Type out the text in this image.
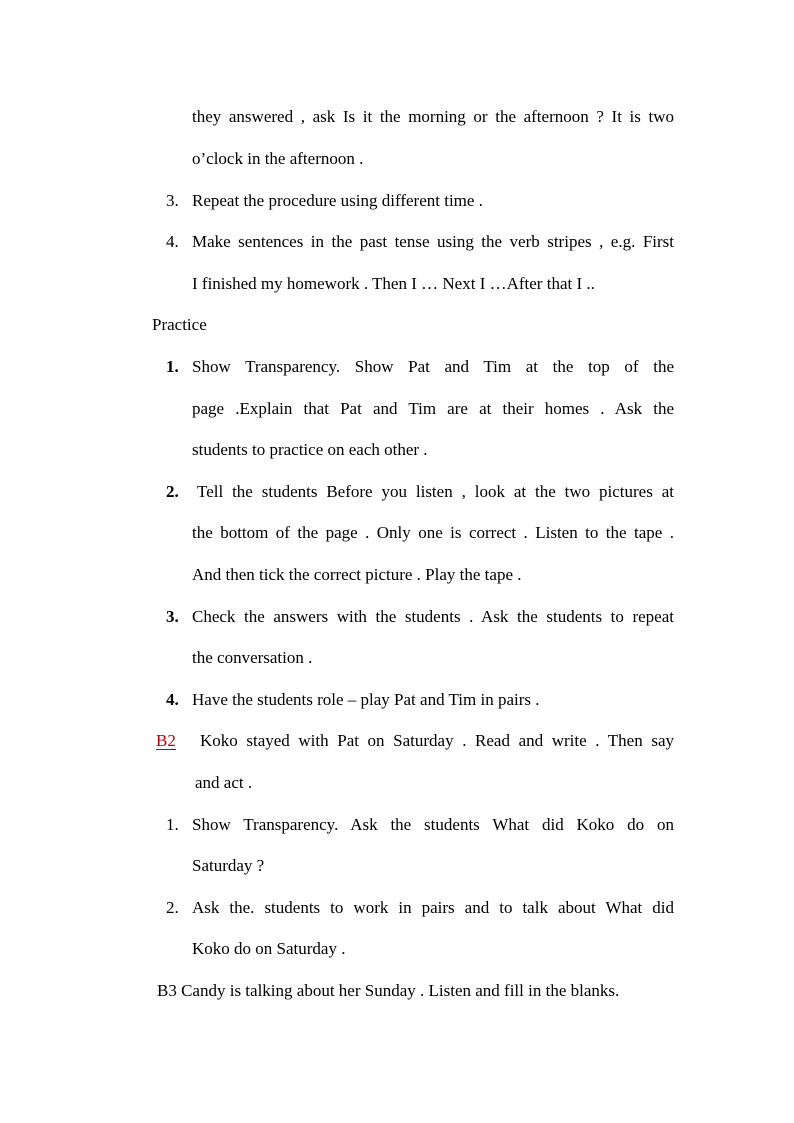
they answered , ask Is it the morning or the afternoon ? It is two
o’clock in the afternoon .
3. Repeat the procedure using different time .
4. Make sentences in the past tense using the verb stripes , e.g. First
I finished my homework . Then I … Next I …After that I ..
Practice
1. Show Transparency. Show Pat and Tim at the top of the
page .Explain that Pat and Tim are at their homes . Ask the
students to practice on each other .
2. Tell the students Before you listen , look at the two pictures at
the bottom of the page . Only one is correct . Listen to the tape .
And then tick the correct picture . Play the tape .
3. Check the answers with the students . Ask the students to repeat
the conversation .
4. Have the students role – play Pat and Tim in pairs .
B2 Koko stayed with Pat on Saturday . Read and write . Then say
and act .
1. Show Transparency. Ask the students What did Koko do on
Saturday ?
2. Ask the. students to work in pairs and to talk about What did
Koko do on Saturday .
B3 Candy is talking about her Sunday . Listen and fill in the blanks.
